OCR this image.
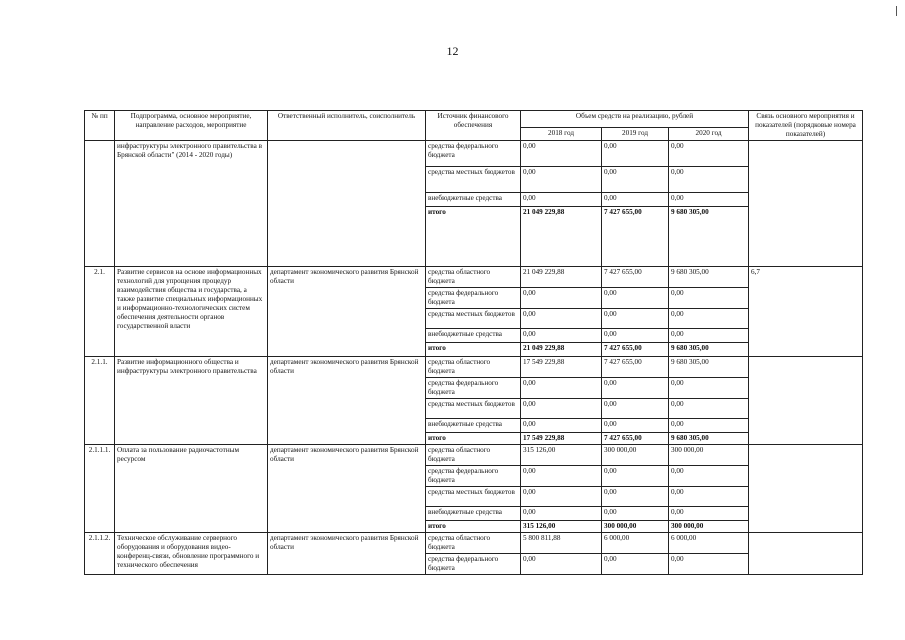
12
№ пп	Подпрограмма, основное мероприятие, направление расходов, мероприятие	Ответственный исполнитель, соисполнитель	Источник финансового обеспечения	Объем средств на реализацию, рублей			Связь основного мероприятия и показателей (порядковые номера показателей)
				2018 год	2019 год	2020 год	
	инфраструктуры электронного правительства в Брянской области" (2014 - 2020 годы)		средства федерального бюджета	0,00	0,00	0,00	
			средства местных бюджетов	0,00	0,00	0,00	
			внебюджетные средства	0,00	0,00	0,00	
			итого	21 049 229,88	7 427 655,00	9 680 305,00	
2.1.	Развитие сервисов на основе информационных технологий для упрощения процедур взаимодействия общества и государства, а также развитие специальных информационных и информационно-технологических систем обеспечения деятельности органов государственной власти	департамент экономического развития Брянской области	средства областного бюджета	21 049 229,88	7 427 655,00	9 680 305,00	6,7
			средства федерального бюджета	0,00	0,00	0,00	
			средства местных бюджетов	0,00	0,00	0,00	
			внебюджетные средства	0,00	0,00	0,00	
			итого	21 049 229,88	7 427 655,00	9 680 305,00	
2.1.1.	Развитие информационного общества и инфраструктуры электронного правительства	департамент экономического развития Брянской области	средства областного бюджета	17 549 229,88	7 427 655,00	9 680 305,00	
			средства федерального бюджета	0,00	0,00	0,00	
			средства местных бюджетов	0,00	0,00	0,00	
			внебюджетные средства	0,00	0,00	0,00	
			итого	17 549 229,88	7 427 655,00	9 680 305,00	
2.1.1.1.	Оплата за пользование радиочастотным ресурсом	департамент экономического развития Брянской области	средства областного бюджета	315 126,00	300 000,00	300 000,00	
			средства федерального бюджета	0,00	0,00	0,00	
			средства местных бюджетов	0,00	0,00	0,00	
			внебюджетные средства	0,00	0,00	0,00	
			итого	315 126,00	300 000,00	300 000,00	
2.1.1.2.	Техническое обслуживание серверного оборудования и оборудования видео-конференц-связи, обновление программного и технического обеспечения	департамент экономического развития Брянской области	средства областного бюджета	5 800 811,88	6 000,00	6 000,00	
			средства федерального бюджета	0,00	0,00	0,00	
